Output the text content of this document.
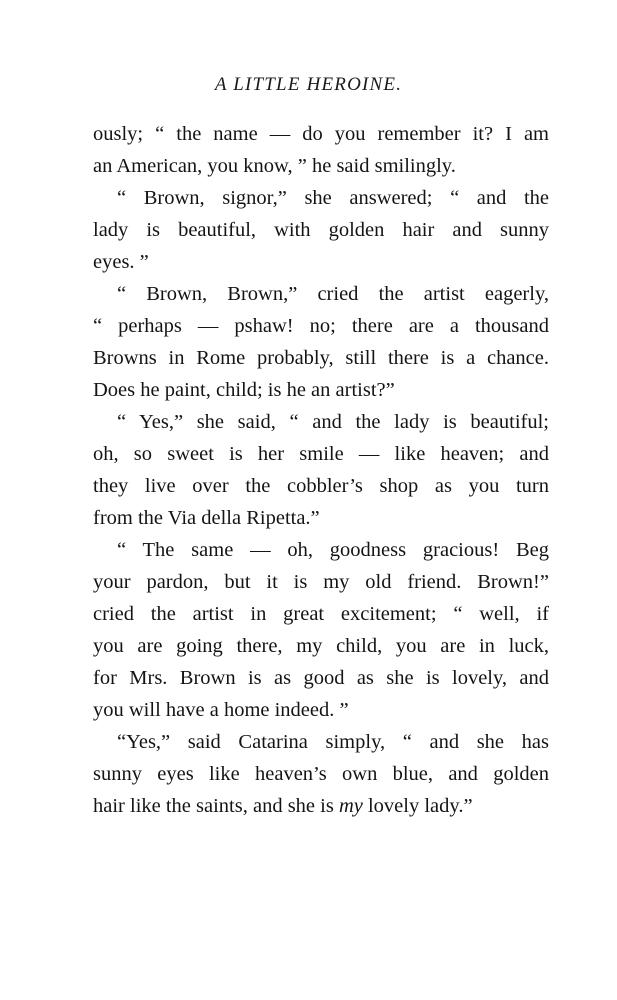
A LITTLE HEROINE.
ously; “ the name — do you remember it? I am
an American, you know, ” he said smilingly.
“ Brown, signor,” she answered; “ and the
lady is beautiful, with golden hair and sunny
eyes. ”
“ Brown, Brown,” cried the artist eagerly,
“ perhaps — pshaw! no; there are a thousand
Browns in Rome probably, still there is a chance.
Does he paint, child; is he an artist?”
“ Yes,” she said, “ and the lady is beautiful;
oh, so sweet is her smile — like heaven; and
they live over the cobbler’s shop as you turn
from the Via della Ripetta.”
“ The same — oh, goodness gracious! Beg
your pardon, but it is my old friend. Brown!”
cried the artist in great excitement; “ well, if
you are going there, my child, you are in luck,
for Mrs. Brown is as good as she is lovely, and
you will have a home indeed. ”
“Yes,” said Catarina simply, “ and she has
sunny eyes like heaven’s own blue, and golden
hair like the saints, and she is my lovely lady.”
